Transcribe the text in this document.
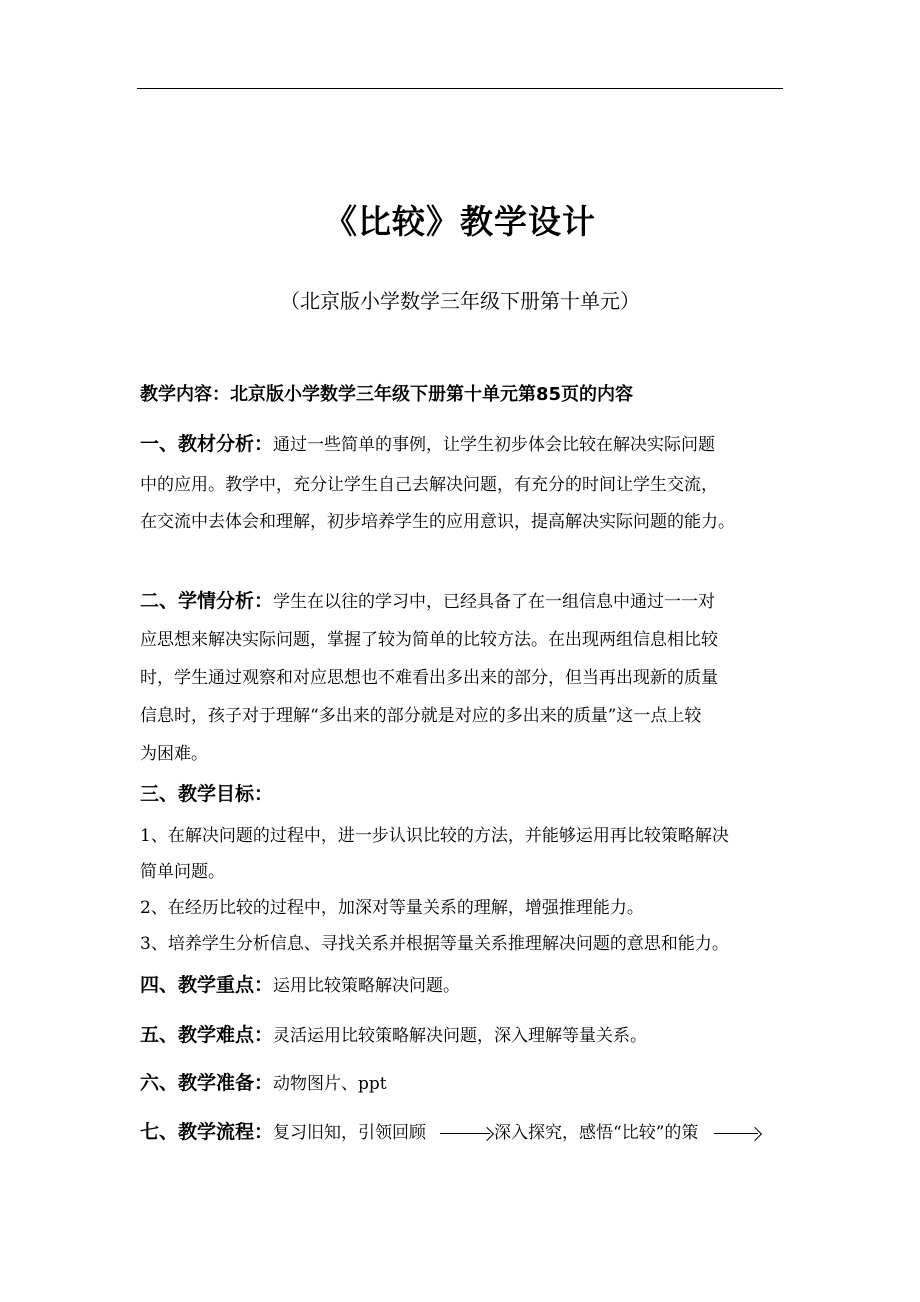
《比较》教学设计
（北京版小学数学三年级下册第十单元）
教学内容：北京版小学数学三年级下册第十单元第85页的内容
一、教材分析：通过一些简单的事例，让学生初步体会比较在解决实际问题
中的应用。教学中，充分让学生自己去解决问题，有充分的时间让学生交流，
在交流中去体会和理解，初步培养学生的应用意识，提高解决实际问题的能力。
二、学情分析：学生在以往的学习中，已经具备了在一组信息中通过一一对
应思想来解决实际问题，掌握了较为简单的比较方法。在出现两组信息相比较
时，学生通过观察和对应思想也不难看出多出来的部分，但当再出现新的质量
信息时，孩子对于理解“多出来的部分就是对应的多出来的质量”这一点上较
为困难。
三、教学目标：
1、在解决问题的过程中，进一步认识比较的方法，并能够运用再比较策略解决
简单问题。
2、在经历比较的过程中，加深对等量关系的理解，增强推理能力。
3、培养学生分析信息、寻找关系并根据等量关系推理解决问题的意思和能力。
四、教学重点：运用比较策略解决问题。
五、教学难点：灵活运用比较策略解决问题，深入理解等量关系。
六、教学准备：动物图片、ppt
七、教学流程：复习旧知，引领回顾	深入探究，感悟“比较”的策
